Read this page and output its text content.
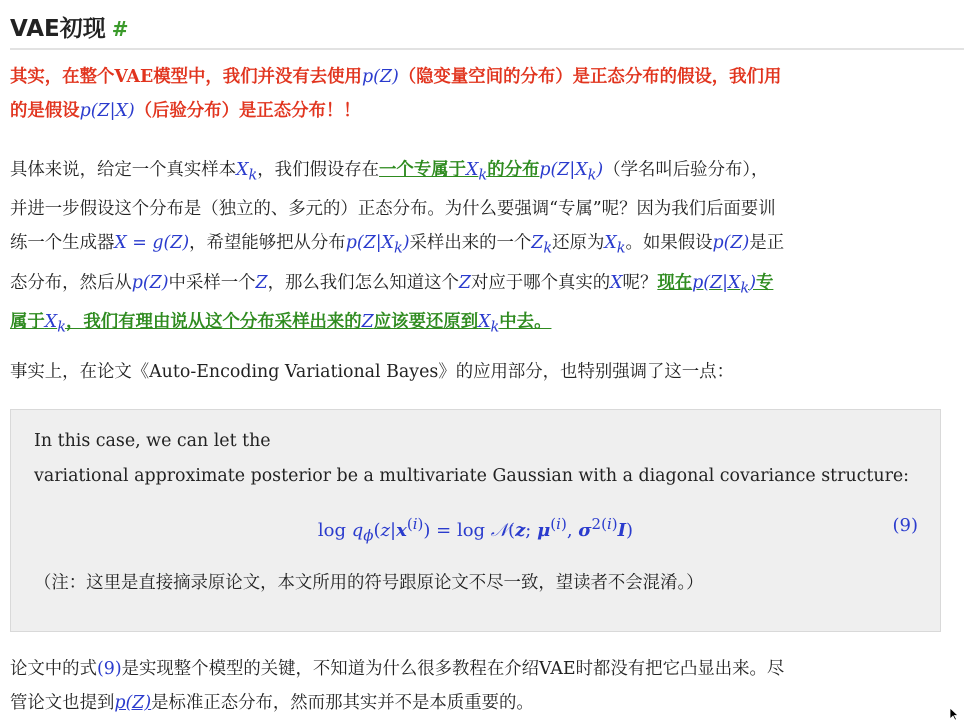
VAE初现 #
其实，在整个VAE模型中，我们并没有去使用p(Z)（隐变量空间的分布）是正态分布的假设，我们用
的是假设p(Z|X)（后验分布）是正态分布！！
具体来说，给定一个真实样本$X_k$，我们假设存在一个专属于$X_k$的分布$p(Z|X_k)$（学名叫后验分布），
并进一步假设这个分布是（独立的、多元的）正态分布。为什么要强调“专属”呢？因为我们后面要训
练一个生成器X = g(Z)，希望能够把从分布$p(Z|X_k)$采样出来的一个$Z_k$还原为$X_k$。如果假设p(Z)是正
态分布，然后从p(Z)中采样一个Z，那么我们怎么知道这个Z对应于哪个真实的X呢？现在$p(Z|X_k)$专
属于$X_k$，我们有理由说从这个分布采样出来的Z应该要还原到$X_k$中去。
事实上，在论文《Auto-Encoding Variational Bayes》的应用部分，也特别强调了这一点：
In this case, we can let the
variational approximate posterior be a multivariate Gaussian with a diagonal covariance structure:
$\log q_\phi(z|x^{(i)}) = \log$ 𝒩(z; $\mu^{(i)}$, $\sigma^{2(i)}I$)	(9)
（注：这里是直接摘录原论文，本文所用的符号跟原论文不尽一致，望读者不会混淆。）
论文中的式(9)是实现整个模型的关键，不知道为什么很多教程在介绍VAE时都没有把它凸显出来。尽
管论文也提到p(Z)是标准正态分布，然而那其实并不是本质重要的。
